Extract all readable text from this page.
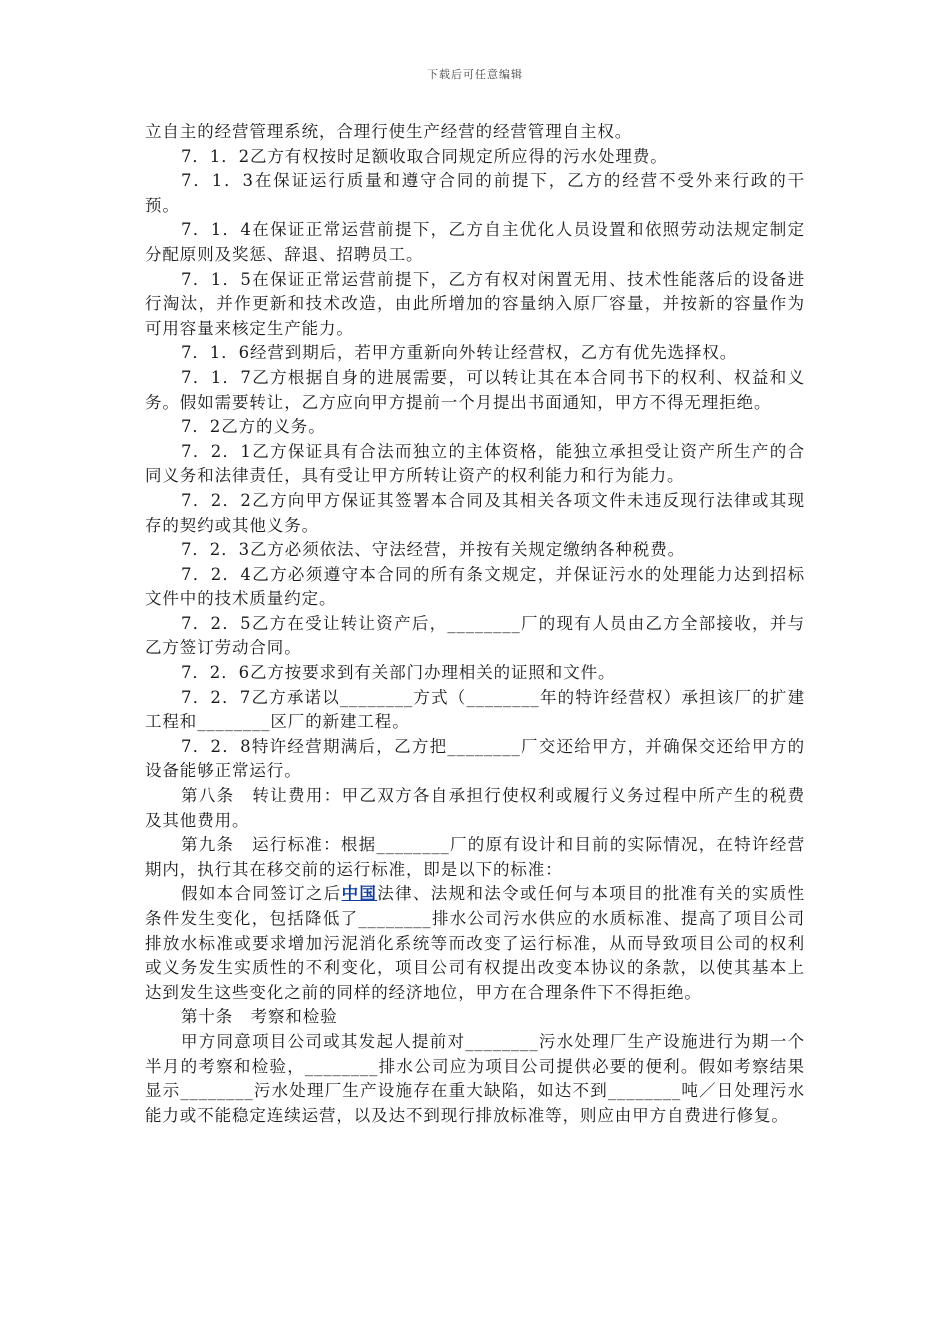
下载后可任意编辑

立自主的经营管理系统，合理行使生产经营的经营管理自主权。

7．1．2乙方有权按时足额收取合同规定所应得的污水处理费。

7．1．3在保证运行质量和遵守合同的前提下，乙方的经营不受外来行政的干预。

7．1．4在保证正常运营前提下，乙方自主优化人员设置和依照劳动法规定制定分配原则及奖惩、辞退、招聘员工。

7．1．5在保证正常运营前提下，乙方有权对闲置无用、技术性能落后的设备进行淘汰，并作更新和技术改造，由此所增加的容量纳入原厂容量，并按新的容量作为可用容量来核定生产能力。

7．1．6经营到期后，若甲方重新向外转让经营权，乙方有优先选择权。

7．1．7乙方根据自身的进展需要，可以转让其在本合同书下的权利、权益和义务。假如需要转让，乙方应向甲方提前一个月提出书面通知，甲方不得无理拒绝。

7．2乙方的义务。

7．2．1乙方保证具有合法而独立的主体资格，能独立承担受让资产所生产的合同义务和法律责任，具有受让甲方所转让资产的权利能力和行为能力。

7．2．2乙方向甲方保证其签署本合同及其相关各项文件未违反现行法律或其现存的契约或其他义务。

7．2．3乙方必须依法、守法经营，并按有关规定缴纳各种税费。

7．2．4乙方必须遵守本合同的所有条文规定，并保证污水的处理能力达到招标文件中的技术质量约定。

7．2．5乙方在受让转让资产后，________厂的现有人员由乙方全部接收，并与乙方签订劳动合同。

7．2．6乙方按要求到有关部门办理相关的证照和文件。

7．2．7乙方承诺以________方式（________年的特许经营权）承担该厂的扩建工程和________区厂的新建工程。

7．2．8特许经营期满后，乙方把________厂交还给甲方，并确保交还给甲方的设备能够正常运行。

第八条　转让费用：甲乙双方各自承担行使权利或履行义务过程中所产生的税费及其他费用。

第九条　运行标准：根据________厂的原有设计和目前的实际情况，在特许经营期内，执行其在移交前的运行标准，即是以下的标准：

假如本合同签订之后中国法律、法规和法令或任何与本项目的批准有关的实质性条件发生变化，包括降低了________排水公司污水供应的水质标准、提高了项目公司排放水标准或要求增加污泥消化系统等而改变了运行标准，从而导致项目公司的权利或义务发生实质性的不利变化，项目公司有权提出改变本协议的条款，以使其基本上达到发生这些变化之前的同样的经济地位，甲方在合理条件下不得拒绝。

第十条　考察和检验

甲方同意项目公司或其发起人提前对________污水处理厂生产设施进行为期一个半月的考察和检验，________排水公司应为项目公司提供必要的便利。假如考察结果显示________污水处理厂生产设施存在重大缺陷，如达不到________吨／日处理污水能力或不能稳定连续运营，以及达不到现行排放标准等，则应由甲方自费进行修复。
